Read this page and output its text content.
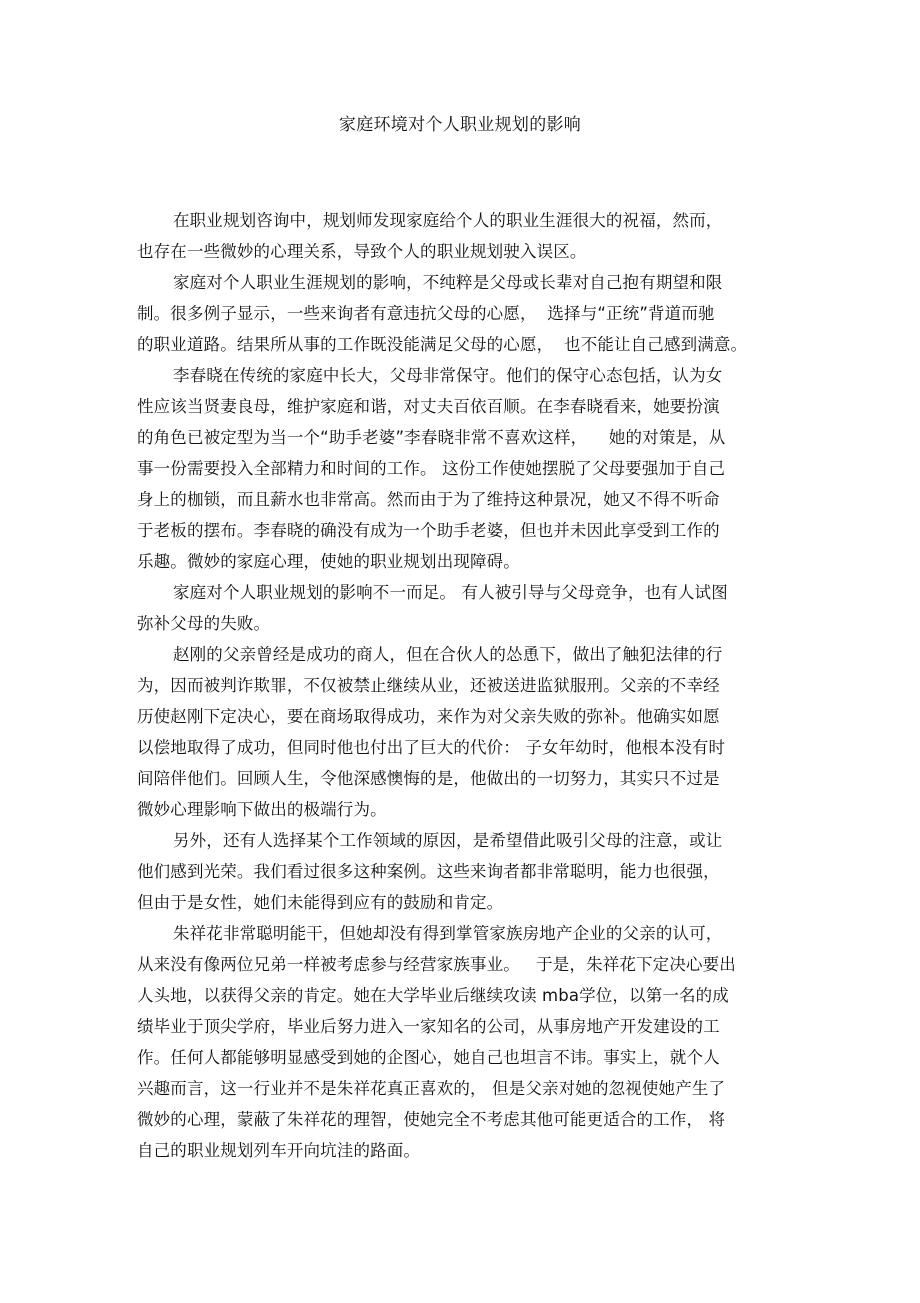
家庭环境对个人职业规划的影响
在职业规划咨询中，规划师发现家庭给个人的职业生涯很大的祝福，然而，
也存在一些微妙的心理关系，导致个人的职业规划驶入误区。
家庭对个人职业生涯规划的影响，不纯粹是父母或长辈对自己抱有期望和限
制。很多例子显示，一些来询者有意违抗父母的心愿，  选择与“正统”背道而驰
的职业道路。结果所从事的工作既没能满足父母的心愿，  也不能让自己感到满意。
李春晓在传统的家庭中长大，父母非常保守。他们的保守心态包括，认为女
性应该当贤妻良母，维护家庭和谐，对丈夫百依百顺。在李春晓看来，她要扮演
的角色已被定型为当一个“助手老婆”李春晓非常不喜欢这样，    她的对策是，从
事一份需要投入全部精力和时间的工作。 这份工作使她摆脱了父母要强加于自己
身上的枷锁，而且薪水也非常高。然而由于为了维持这种景况，她又不得不听命
于老板的摆布。李春晓的确没有成为一个助手老婆，但也并未因此享受到工作的
乐趣。微妙的家庭心理，使她的职业规划出现障碍。
家庭对个人职业规划的影响不一而足。 有人被引导与父母竞争，也有人试图
弥补父母的失败。
赵刚的父亲曾经是成功的商人，但在合伙人的怂恿下，做出了触犯法律的行
为，因而被判诈欺罪，不仅被禁止继续从业，还被送进监狱服刑。父亲的不幸经
历使赵刚下定决心，要在商场取得成功，来作为对父亲失败的弥补。他确实如愿
以偿地取得了成功，但同时他也付出了巨大的代价： 子女年幼时，他根本没有时
间陪伴他们。回顾人生，令他深感懊悔的是，他做出的一切努力，其实只不过是
微妙心理影响下做出的极端行为。
另外，还有人选择某个工作领域的原因，是希望借此吸引父母的注意，或让
他们感到光荣。我们看过很多这种案例。这些来询者都非常聪明，能力也很强，
但由于是女性，她们未能得到应有的鼓励和肯定。
朱祥花非常聪明能干，但她却没有得到掌管家族房地产企业的父亲的认可，
从来没有像两位兄弟一样被考虑参与经营家族事业。   于是，朱祥花下定决心要出
人头地，以获得父亲的肯定。她在大学毕业后继续攻读 mba学位，以第一名的成
绩毕业于顶尖学府，毕业后努力进入一家知名的公司，从事房地产开发建设的工
作。任何人都能够明显感受到她的企图心，她自己也坦言不讳。事实上，就个人
兴趣而言，这一行业并不是朱祥花真正喜欢的， 但是父亲对她的忽视使她产生了
微妙的心理，蒙蔽了朱祥花的理智，使她完全不考虑其他可能更适合的工作， 将
自己的职业规划列车开向坑洼的路面。
